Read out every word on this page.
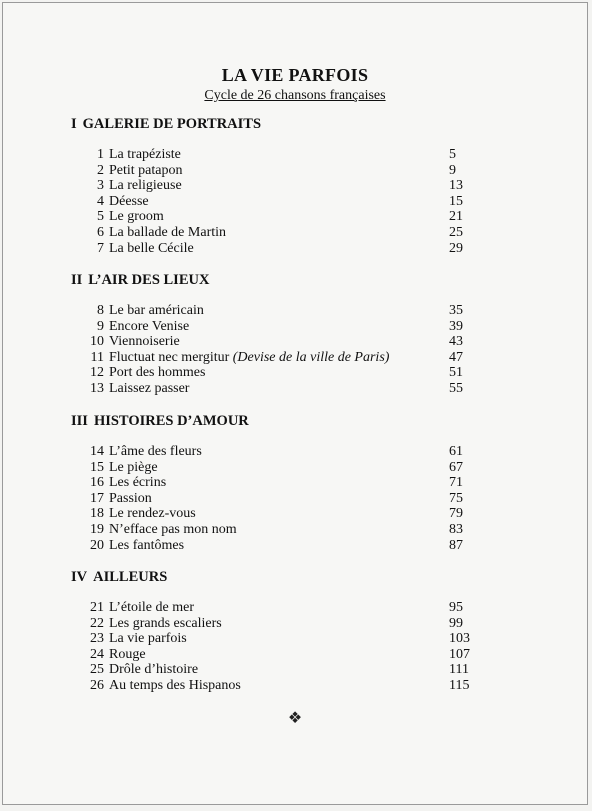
LA VIE PARFOIS
Cycle de 26 chansons françaises
I GALERIE DE PORTRAITS
1 La trapéziste	5
2 Petit patapon	9
3 La religieuse	13
4 Déesse	15
5 Le groom	21
6 La ballade de Martin	25
7 La belle Cécile	29
II L’AIR DES LIEUX
8 Le bar américain	35
9 Encore Venise	39
10 Viennoiserie	43
11 Fluctuat nec mergitur (Devise de la ville de Paris)	47
12 Port des hommes	51
13 Laissez passer	55
III HISTOIRES D’AMOUR
14 L’âme des fleurs	61
15 Le piège	67
16 Les écrins	71
17 Passion	75
18 Le rendez-vous	79
19 N’efface pas mon nom	83
20 Les fantômes	87
IV AILLEURS
21 L’étoile de mer	95
22 Les grands escaliers	99
23 La vie parfois	103
24 Rouge	107
25 Drôle d’histoire	111
26 Au temps des Hispanos	115
❖
